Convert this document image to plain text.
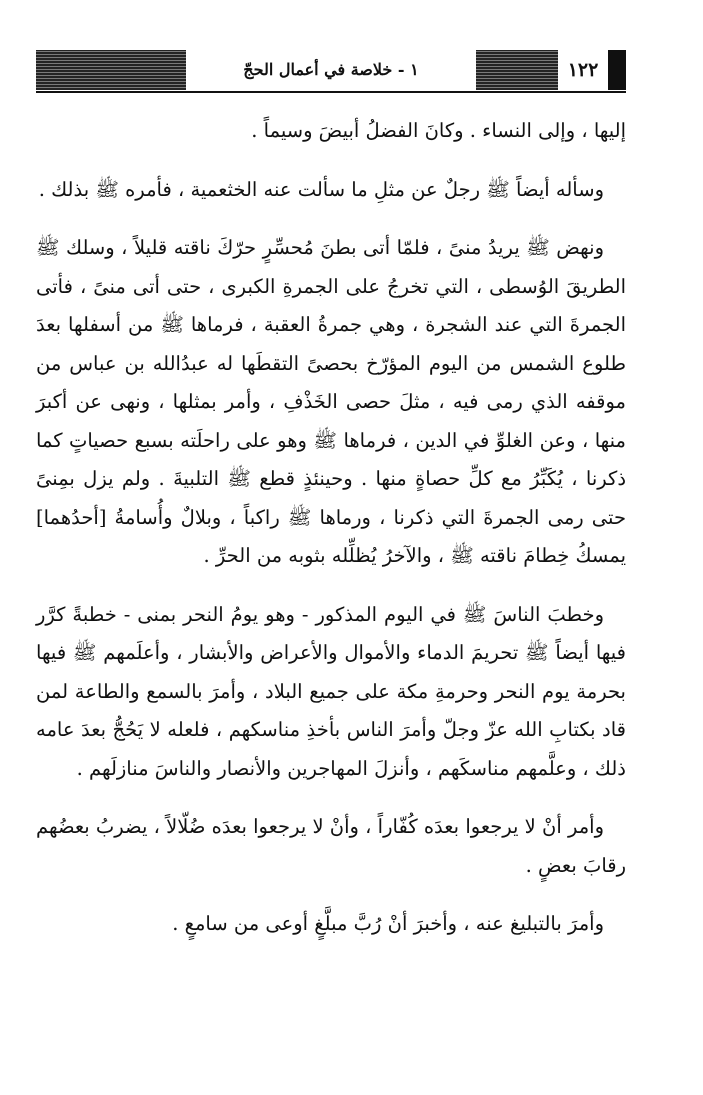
١ - خلاصة في أعمال الحجّ	١٢٢

إليها ، وإلى النساء . وكانَ الفضلُ أبيضَ وسيماً .

وسأله أيضاً ﷺ رجلٌ عن مثلِ ما سألت عنه الخثعمية ، فأمره ﷺ بذلك .

ونهض ﷺ يريدُ منىً ، فلمّا أتى بطنَ مُحسِّرٍ حرّكَ ناقته قليلاً ، وسلك ﷺ الطريقَ الوُسطى ، التي تخرجُ على الجمرةِ الكبرى ، حتى أتى منىً ، فأتى الجمرةَ التي عند الشجرة ، وهي جمرةُ العقبة ، فرماها ﷺ من أسفلها بعدَ طلوع الشمس من اليوم المؤرّخ بحصىً التقطَها له عبدُالله بن عباس من موقفه الذي رمى فيه ، مثلَ حصى الخَذْفِ ، وأمر بمثلها ، ونهى عن أكبرَ منها ، وعن الغلوِّ في الدين ، فرماها ﷺ وهو على راحلَته بسبع حصياتٍ كما ذكرنا ، يُكَبِّرُ مع كلِّ حصاةٍ منها . وحينئذٍ قطع ﷺ التلبيةَ . ولم يزل بمِنىً حتى رمى الجمرةَ التي ذكرنا ، ورماها ﷺ راكباً ، وبلالٌ وأُسامةُ [أحدُهما] يمسكُ خِطامَ ناقته ﷺ ، والآخرُ يُظلِّله بثوبه من الحرِّ .

وخطبَ الناسَ ﷺ في اليوم المذكور - وهو يومُ النحر بمنى - خطبةً كرَّر فيها أيضاً ﷺ تحريمَ الدماء والأموال والأعراض والأبشار ، وأعلَمهم ﷺ فيها بحرمة يوم النحر وحرمةِ مكة على جميع البلاد ، وأمرَ بالسمع والطاعة لمن قاد بكتابِ الله عزّ وجلّ وأمرَ الناس بأخذِ مناسكهم ، فلعله لا يَحُجُّ بعدَ عامه ذلك ، وعلَّمهم مناسكَهم ، وأنزلَ المهاجرين والأنصار والناسَ منازلَهم .

وأمر أنْ لا يرجعوا بعدَه كُفّاراً ، وأنْ لا يرجعوا بعدَه ضُلّالاً ، يضربُ بعضُهم رقابَ بعضٍ .

وأمرَ بالتبليغ عنه ، وأخبرَ أنْ رُبَّ مبلَّغٍ أوعى من سامعٍ .
